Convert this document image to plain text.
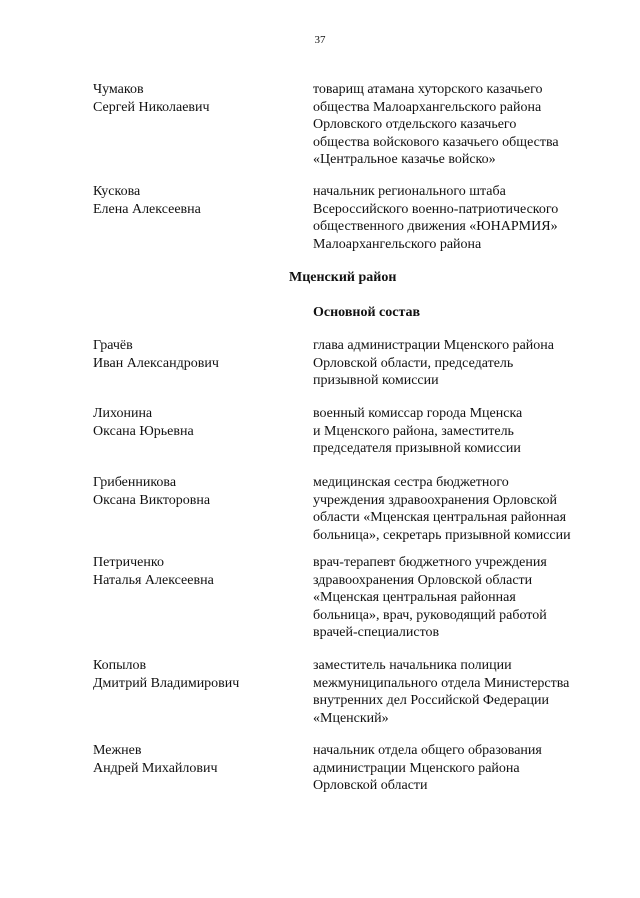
37
Чумаков
Сергей Николаевич
товарищ атамана хуторского казачьего
общества Малоархангельского района
Орловского отдельского казачьего
общества войскового казачьего общества
«Центральное казачье войско»
Кускова
Елена Алексеевна
начальник регионального штаба
Всероссийского военно-патриотического
общественного движения «ЮНАРМИЯ»
Малоархангельского района
Мценский район
Основной состав
Грачёв
Иван Александрович
глава администрации Мценского района
Орловской области, председатель
призывной комиссии
Лихонина
Оксана Юрьевна
военный комиссар города Мценска
и Мценского района, заместитель
председателя призывной комиссии
Грибенникова
Оксана Викторовна
медицинская сестра бюджетного
учреждения здравоохранения Орловской
области «Мценская центральная районная
больница», секретарь призывной комиссии
Петриченко
Наталья Алексеевна
врач-терапевт бюджетного учреждения
здравоохранения Орловской области
«Мценская центральная районная
больница», врач, руководящий работой
врачей-специалистов
Копылов
Дмитрий Владимирович
заместитель начальника полиции
межмуниципального отдела Министерства
внутренних дел Российской Федерации
«Мценский»
Межнев
Андрей Михайлович
начальник отдела общего образования
администрации Мценского района
Орловской области
